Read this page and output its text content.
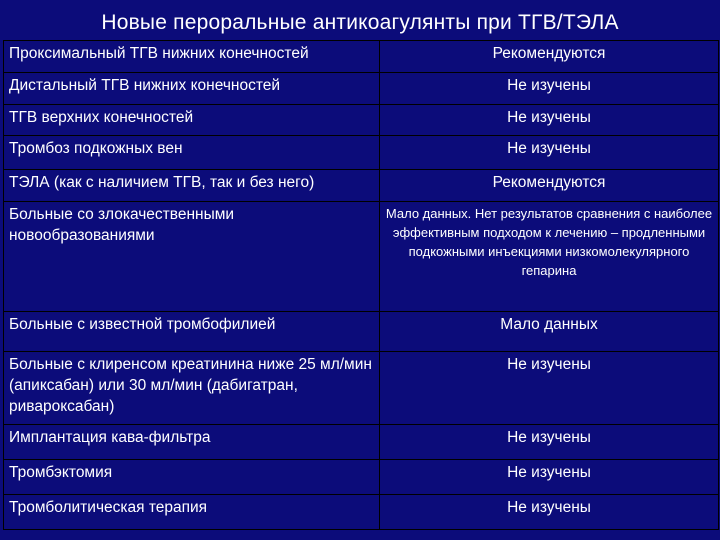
Новые пероральные антикоагулянты при ТГВ/ТЭЛА
Проксимальный ТГВ нижних конечностей	Рекомендуются
Дистальный ТГВ нижних конечностей	Не изучены
ТГВ верхних конечностей	Не изучены
Тромбоз подкожных вен	Не изучены
ТЭЛА (как с наличием ТГВ, так и без него)	Рекомендуются
Больные со злокачественными новообразованиями	Мало данных. Нет результатов сравнения с наиболее эффективным подходом к лечению – продленными подкожными инъекциями низкомолекулярного гепарина
Больные с известной тромбофилией	Мало данных
Больные с клиренсом креатинина ниже 25 мл/мин (апиксабан) или 30 мл/мин (дабигатран, ривароксабан)	Не изучены
Имплантация кава-фильтра	Не изучены
Тромбэктомия	Не изучены
Тромболитическая терапия	Не изучены
